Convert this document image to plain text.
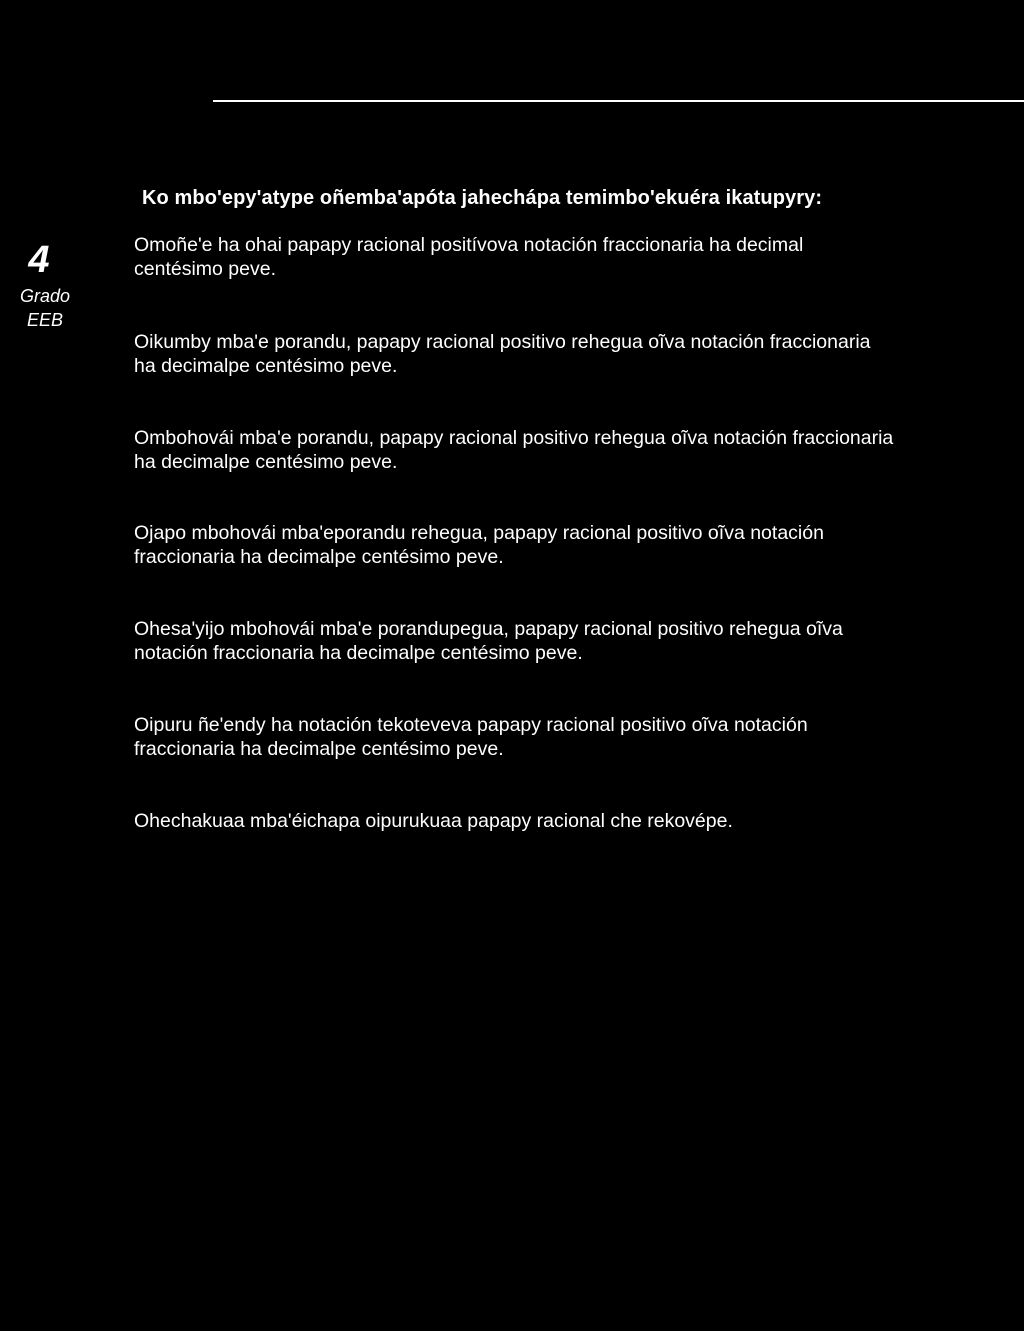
4
Grado
EEB
Ko mbo'epy'atype oñemba'apóta jahechápa temimbo'ekuéra ikatupyry:

Omoñe'e ha ohai papapy racional positívova notación fraccionaria ha decimal centésimo peve.

Oikumby mba'e porandu, papapy racional positivo rehegua oĩva notación fraccionaria ha decimalpe centésimo peve.

Ombohovái mba'e porandu, papapy racional positivo rehegua oĩva notación fraccionaria ha decimalpe centésimo peve.

Ojapo mbohovái mba'eporandu rehegua, papapy racional positivo oĩva notación fraccionaria ha decimalpe centésimo peve.

Ohesa'yijo mbohovái mba'e porandupegua, papapy racional positivo rehegua oĩva notación fraccionaria ha decimalpe centésimo peve.

Oipuru ñe'endy ha notación tekoteveva papapy racional positivo oĩva notación fraccionaria ha decimalpe centésimo peve.

Ohechakuaa mba'éichapa oipurukuaa papapy racional che rekovépe.
